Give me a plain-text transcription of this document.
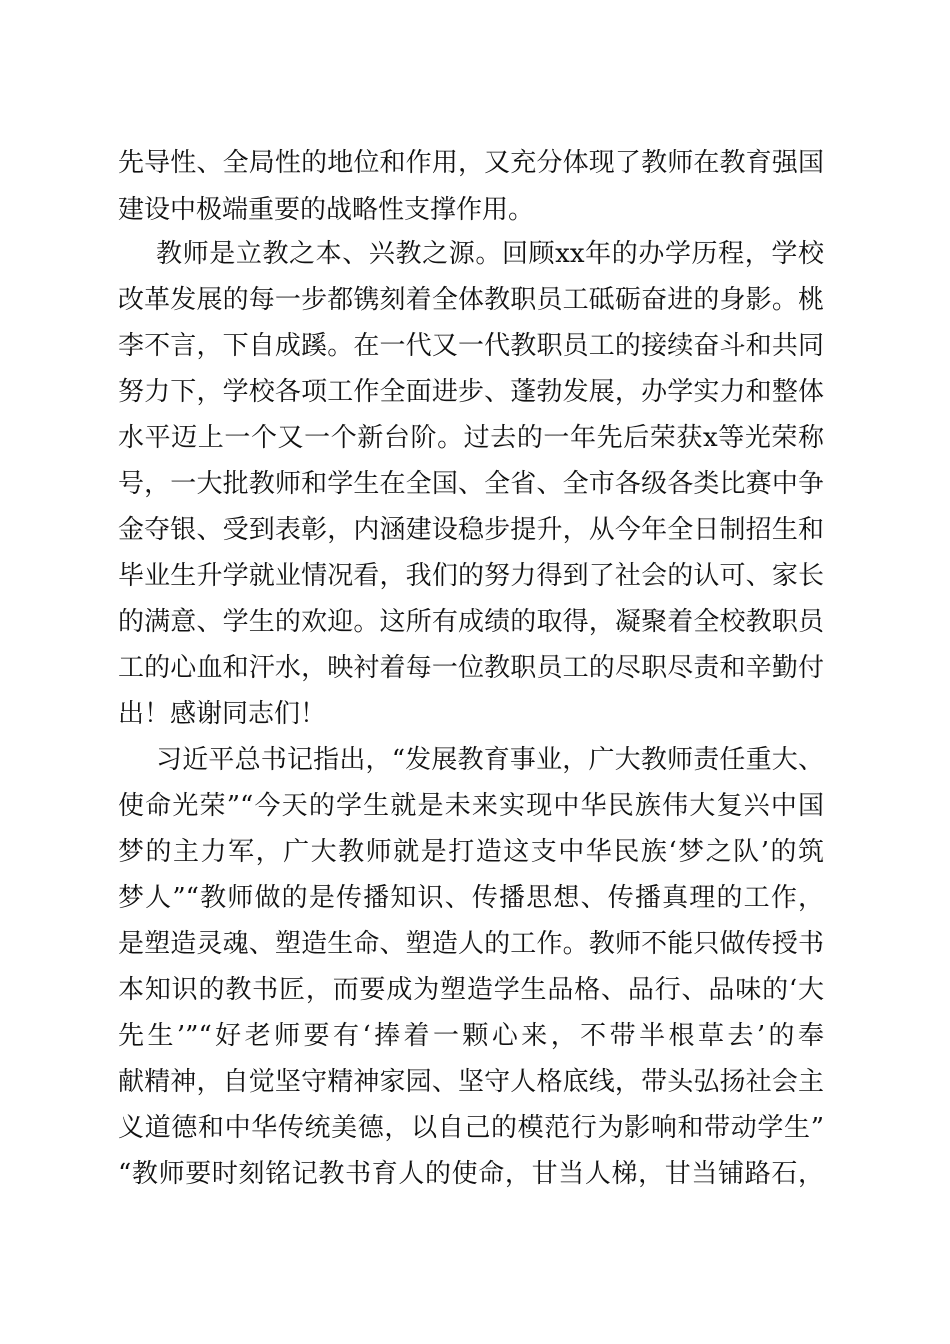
先导性、全局性的地位和作用，又充分体现了教师在教育强国
建设中极端重要的战略性支撑作用。
教师是立教之本、兴教之源。回顾xx年的办学历程，学校
改革发展的每一步都镌刻着全体教职员工砥砺奋进的身影。桃
李不言，下自成蹊。在一代又一代教职员工的接续奋斗和共同
努力下，学校各项工作全面进步、蓬勃发展，办学实力和整体
水平迈上一个又一个新台阶。过去的一年先后荣获x等光荣称
号，一大批教师和学生在全国、全省、全市各级各类比赛中争
金夺银、受到表彰，内涵建设稳步提升，从今年全日制招生和
毕业生升学就业情况看，我们的努力得到了社会的认可、家长
的满意、学生的欢迎。这所有成绩的取得，凝聚着全校教职员
工的心血和汗水，映衬着每一位教职员工的尽职尽责和辛勤付
出！感谢同志们！
习近平总书记指出，“发展教育事业，广大教师责任重大、
使命光荣”“今天的学生就是未来实现中华民族伟大复兴中国
梦的主力军，广大教师就是打造这支中华民族‘梦之队’的筑
梦人”“教师做的是传播知识、传播思想、传播真理的工作，
是塑造灵魂、塑造生命、塑造人的工作。教师不能只做传授书
本知识的教书匠，而要成为塑造学生品格、品行、品味的‘大
先生’”“好老师要有‘捧着一颗心来，不带半根草去’的奉
献精神，自觉坚守精神家园、坚守人格底线，带头弘扬社会主
义道德和中华传统美德，以自己的模范行为影响和带动学生”
“教师要时刻铭记教书育人的使命，甘当人梯，甘当铺路石，
